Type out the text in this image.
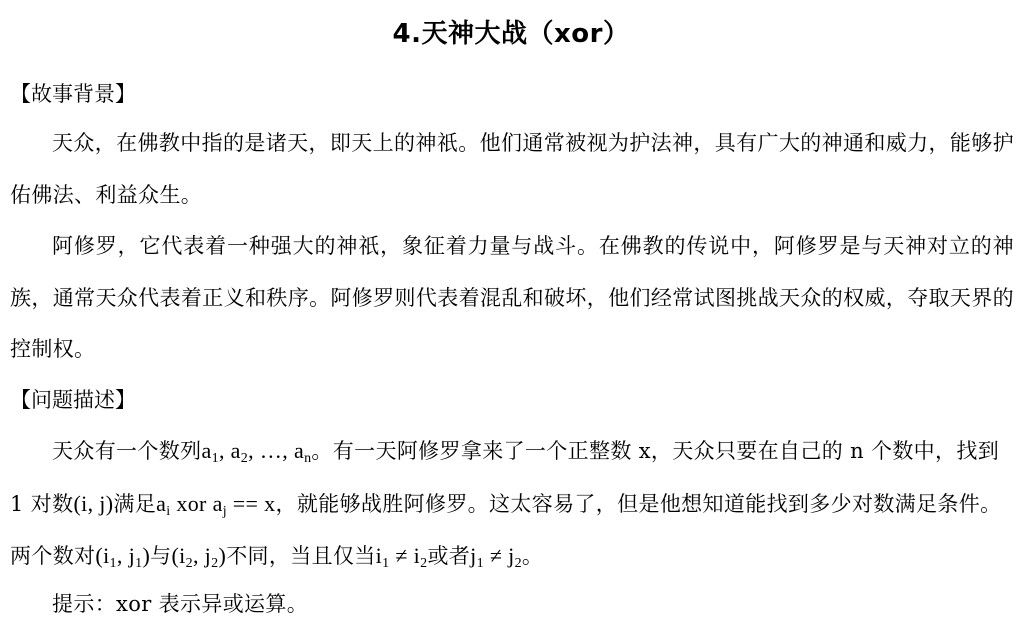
4.天神大战（xor）
【故事背景】

天众，在佛教中指的是诸天，即天上的神祇。他们通常被视为护法神，具有广大的神通和威力，能够护佑佛法、利益众生。

阿修罗，它代表着一种强大的神祇，象征着力量与战斗。在佛教的传说中，阿修罗是与天神对立的神族，通常天众代表着正义和秩序。阿修罗则代表着混乱和破坏，他们经常试图挑战天众的权威，夺取天界的控制权。

【问题描述】

天众有一个数列$a_1$, $a_2$, …, $a_n$。有一天阿修罗拿来了一个正整数 x，天众只要在自己的 n 个数中，找到 1 对数(i, j)满足$a_i$ xor $a_j == x$，就能够战胜阿修罗。这太容易了，但是他想知道能找到多少对数满足条件。两个数对($i_1$, $j_1$)与($i_2$, $j_2$)不同，当且仅当$i_1 \ne i_2$或者$j_1 \ne j_2$。

提示：xor 表示异或运算。
